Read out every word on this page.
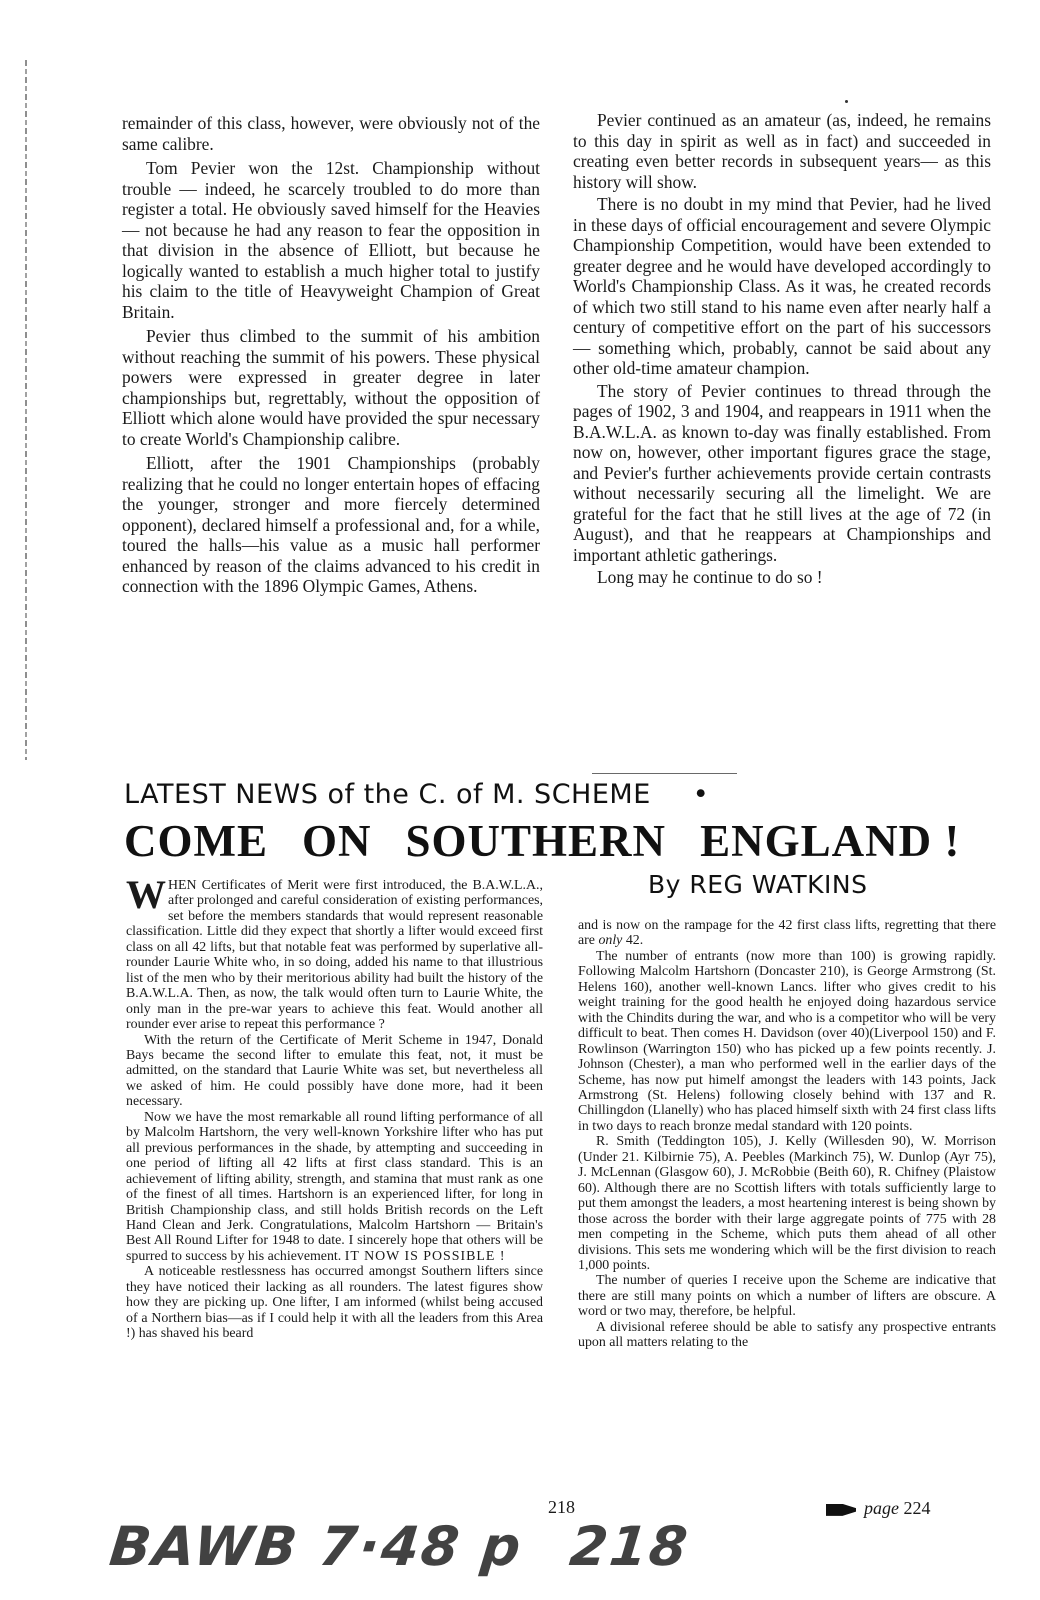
remainder of this class, however, were obviously not of the same calibre.

Tom Pevier won the 12st. Championship without trouble — indeed, he scarcely troubled to do more than register a total. He obviously saved himself for the Heavies— not because he had any reason to fear the opposition in that division in the absence of Elliott, but because he logically wanted to establish a much higher total to justify his claim to the title of Heavyweight Champion of Great Britain.

Pevier thus climbed to the summit of his ambition without reaching the summit of his powers. These physical powers were expressed in greater degree in later championships but, regrettably, without the opposition of Elliott which alone would have provided the spur necessary to create World's Championship calibre.

Elliott, after the 1901 Championships (probably realizing that he could no longer entertain hopes of effacing the younger, stronger and more fiercely determined opponent), declared himself a professional and, for a while, toured the halls—his value as a music hall performer enhanced by reason of the claims advanced to his credit in connection with the 1896 Olympic Games, Athens.

Pevier continued as an amateur (as, indeed, he remains to this day in spirit as well as in fact) and succeeded in creating even better records in subsequent years— as this history will show.

There is no doubt in my mind that Pevier, had he lived in these days of official encouragement and severe Olympic Championship Competition, would have been extended to greater degree and he would have developed accordingly to World's Championship Class. As it was, he created records of which two still stand to his name even after nearly half a century of competitive effort on the part of his successors — something which, probably, cannot be said about any other old-time amateur champion.

The story of Pevier continues to thread through the pages of 1902, 3 and 1904, and reappears in 1911 when the B.A.W.L.A. as known to-day was finally established. From now on, however, other important figures grace the stage, and Pevier's further achievements provide certain contrasts without necessarily securing all the limelight. We are grateful for the fact that he still lives at the age of 72 (in August), and that he reappears at Championships and important athletic gatherings.

Long may he continue to do so !

LATEST NEWS of the C. of M. SCHEME •
COME ON SOUTHERN ENGLAND !
By REG WATKINS

WHEN Certificates of Merit were first introduced, the B.A.W.L.A., after prolonged and careful consideration of existing performances, set before the members standards that would represent reasonable classification. Little did they expect that shortly a lifter would exceed first class on all 42 lifts, but that notable feat was performed by superlative all-rounder Laurie White who, in so doing, added his name to that illustrious list of the men who by their meritorious ability had built the history of the B.A.W.L.A. Then, as now, the talk would often turn to Laurie White, the only man in the pre-war years to achieve this feat. Would another all rounder ever arise to repeat this performance ?

With the return of the Certificate of Merit Scheme in 1947, Donald Bays became the second lifter to emulate this feat, not, it must be admitted, on the standard that Laurie White was set, but nevertheless all we asked of him. He could possibly have done more, had it been necessary.

Now we have the most remarkable all round lifting performance of all by Malcolm Hartshorn, the very well-known Yorkshire lifter who has put all previous performances in the shade, by attempting and succeeding in one period of lifting all 42 lifts at first class standard. This is an achievement of lifting ability, strength, and stamina that must rank as one of the finest of all times. Hartshorn is an experienced lifter, for long in British Championship class, and still holds British records on the Left Hand Clean and Jerk. Congratulations, Malcolm Hartshorn — Britain's Best All Round Lifter for 1948 to date. I sincerely hope that others will be spurred to success by his achievement. IT NOW IS POSSIBLE !

A noticeable restlessness has occurred amongst Southern lifters since they have noticed their lacking as all rounders. The latest figures show how they are picking up. One lifter, I am informed (whilst being accused of a Northern bias—as if I could help it with all the leaders from this Area !) has shaved his beard

and is now on the rampage for the 42 first class lifts, regretting that there are only 42.

The number of entrants (now more than 100) is growing rapidly. Following Malcolm Hartshorn (Doncaster 210), is George Armstrong (St. Helens 160), another well-known Lancs. lifter who gives credit to his weight training for the good health he enjoyed doing hazardous service with the Chindits during the war, and who is a competitor who will be very difficult to beat. Then comes H. Davidson (over 40)(Liverpool 150) and F. Rowlinson (Warrington 150) who has picked up a few points recently. J. Johnson (Chester), a man who performed well in the earlier days of the Scheme, has now put himelf amongst the leaders with 143 points, Jack Armstrong (St. Helens) following closely behind with 137 and R. Chillingdon (Llanelly) who has placed himself sixth with 24 first class lifts in two days to reach bronze medal standard with 120 points.

R. Smith (Teddington 105), J. Kelly (Willesden 90), W. Morrison (Under 21. Kilbirnie 75), A. Peebles (Markinch 75), W. Dunlop (Ayr 75), J. McLennan (Glasgow 60), J. McRobbie (Beith 60), R. Chifney (Plaistow 60). Although there are no Scottish lifters with totals sufficiently large to put them amongst the leaders, a most heartening interest is being shown by those across the border with their large aggregate points of 775 with 28 men competing in the Scheme, which puts them ahead of all other divisions. This sets me wondering which will be the first division to reach 1,000 points.

The number of queries I receive upon the Scheme are indicative that there are still many points on which a number of lifters are obscure. A word or two may, therefore, be helpful.

A divisional referee should be able to satisfy any prospective entrants upon all matters relating to the

218	page 224
BAWB 7·48 p 218
